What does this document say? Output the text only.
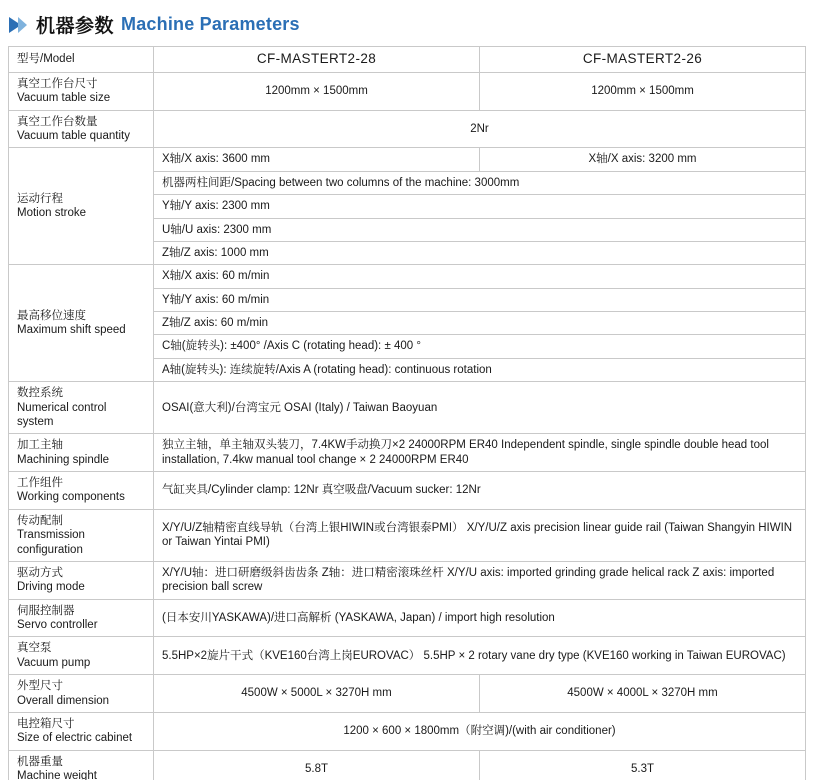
机器参数 Machine Parameters
型号/Model	CF-MASTERT2-28	CF-MASTERT2-26

真空工作台尺寸
Vacuum table size	1200mm × 1500mm	1200mm × 1500mm

真空工作台数量
Vacuum table quantity	2Nr	

运动行程
Motion stroke	X轴/X axis: 3600 mm	X轴/X axis: 3200 mm
	机器两柱间距/Spacing between two columns of the machine: 3000mm	
	Y轴/Y axis: 2300 mm	
	U轴/U axis: 2300 mm	
	Z轴/Z axis: 1000 mm	

最高移位速度
Maximum shift speed	X轴/X axis: 60 m/min	
	Y轴/Y axis: 60 m/min	
	Z轴/Z axis: 60 m/min	
	C轴(旋转头): ±400° /Axis C (rotating head): ± 400 °	
	A轴(旋转头): 连续旋转/Axis A (rotating head): continuous rotation	

数控系统
Numerical control system	OSAI(意大利)/台湾宝元 OSAI (Italy) / Taiwan Baoyuan	

加工主轴
Machining spindle	独立主轴，单主轴双头装刀，7.4KW手动换刀×2 24000RPM ER40 Independent spindle, single spindle double head tool installation, 7.4kw manual tool change × 2 24000RPM ER40	

工作组件
Working components	气缸夹具/Cylinder clamp: 12Nr 真空吸盘/Vacuum sucker: 12Nr	

传动配制
Transmission
configuration	X/Y/U/Z轴精密直线导轨（台湾上银HIWIN或台湾银泰PMI） X/Y/U/Z axis precision linear guide rail (Taiwan Shangyin HIWIN or Taiwan Yintai PMI)	

驱动方式
Driving mode	X/Y/U轴：进口研磨级斜齿齿条 Z轴：进口精密滚珠丝杆 X/Y/U axis: imported grinding grade helical rack Z axis: imported precision ball screw	

伺服控制器
Servo controller	(日本安川YASKAWA)/进口高解析 (YASKAWA, Japan) / import high resolution	

真空泵
Vacuum pump	5.5HP×2旋片干式（KVE160台湾上岗EUROVAC） 5.5HP × 2 rotary vane dry type (KVE160 working in Taiwan EUROVAC)	

外型尺寸
Overall dimension	4500W × 5000L × 3270H mm	4500W × 4000L × 3270H mm

电控箱尺寸
Size of electric cabinet	1200 × 600 × 1800mm（附空调)/(with air conditioner)	

机器重量
Machine weight	5.8T	5.3T
